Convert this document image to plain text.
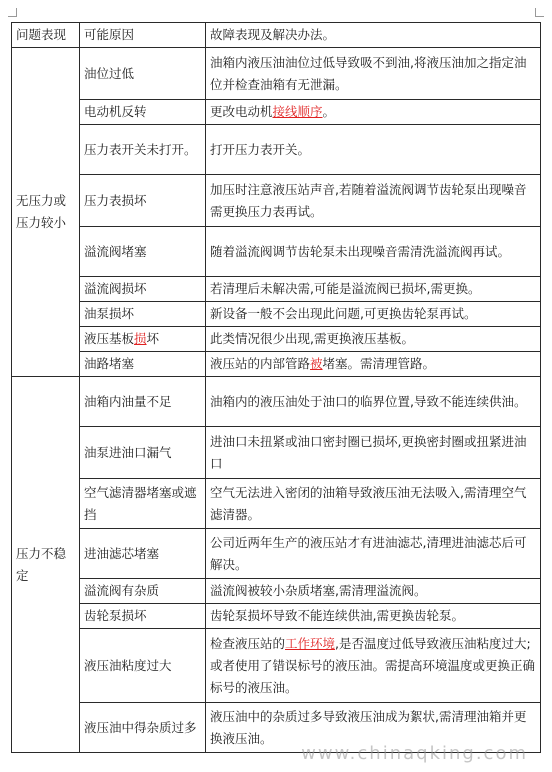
问题表现	可能原因	故障表现及解决办法。
无压力或压力较小	油位过低	油箱内液压油油位过低导致吸不到油,将液压油加之指定油位并检查油箱有无泄漏。
	电动机反转	更改电动机接线顺序。
	压力表开关未打开。	打开压力表开关。
	压力表损坏	加压时注意液压站声音,若随着溢流阀调节齿轮泵出现噪音需更换压力表再试。
	溢流阀堵塞	随着溢流阀调节齿轮泵未出现噪音需清洗溢流阀再试。
	溢流阀损坏	若清理后未解决需,可能是溢流阀已损坏,需更换。
	油泵损坏	新设备一般不会出现此问题,可更换齿轮泵再试。
	液压基板损坏	此类情况很少出现,需更换液压基板。
	油路堵塞	液压站的内部管路被堵塞。需清理管路。
压力不稳定	油箱内油量不足	油箱内的液压油处于油口的临界位置,导致不能连续供油。
	油泵进油口漏气	进油口未扭紧或油口密封圈已损坏,更换密封圈或扭紧进油口
	空气滤清器堵塞或遮挡	空气无法进入密闭的油箱导致液压油无法吸入,需清理空气滤清器。
	进油滤芯堵塞	公司近两年生产的液压站才有进油滤芯,清理进油滤芯后可解决。
	溢流阀有杂质	溢流阀被较小杂质堵塞,需清理溢流阀。
	齿轮泵损坏	齿轮泵损坏导致不能连续供油,需更换齿轮泵。
	液压油粘度过大	检查液压站的工作环境,是否温度过低导致液压油粘度过大;或者使用了错误标号的液压油。需提高环境温度或更换正确标号的液压油。
	液压油中得杂质过多	液压油中的杂质过多导致液压油成为絮状,需清理油箱并更换液压油。
www.chinaqking.com
